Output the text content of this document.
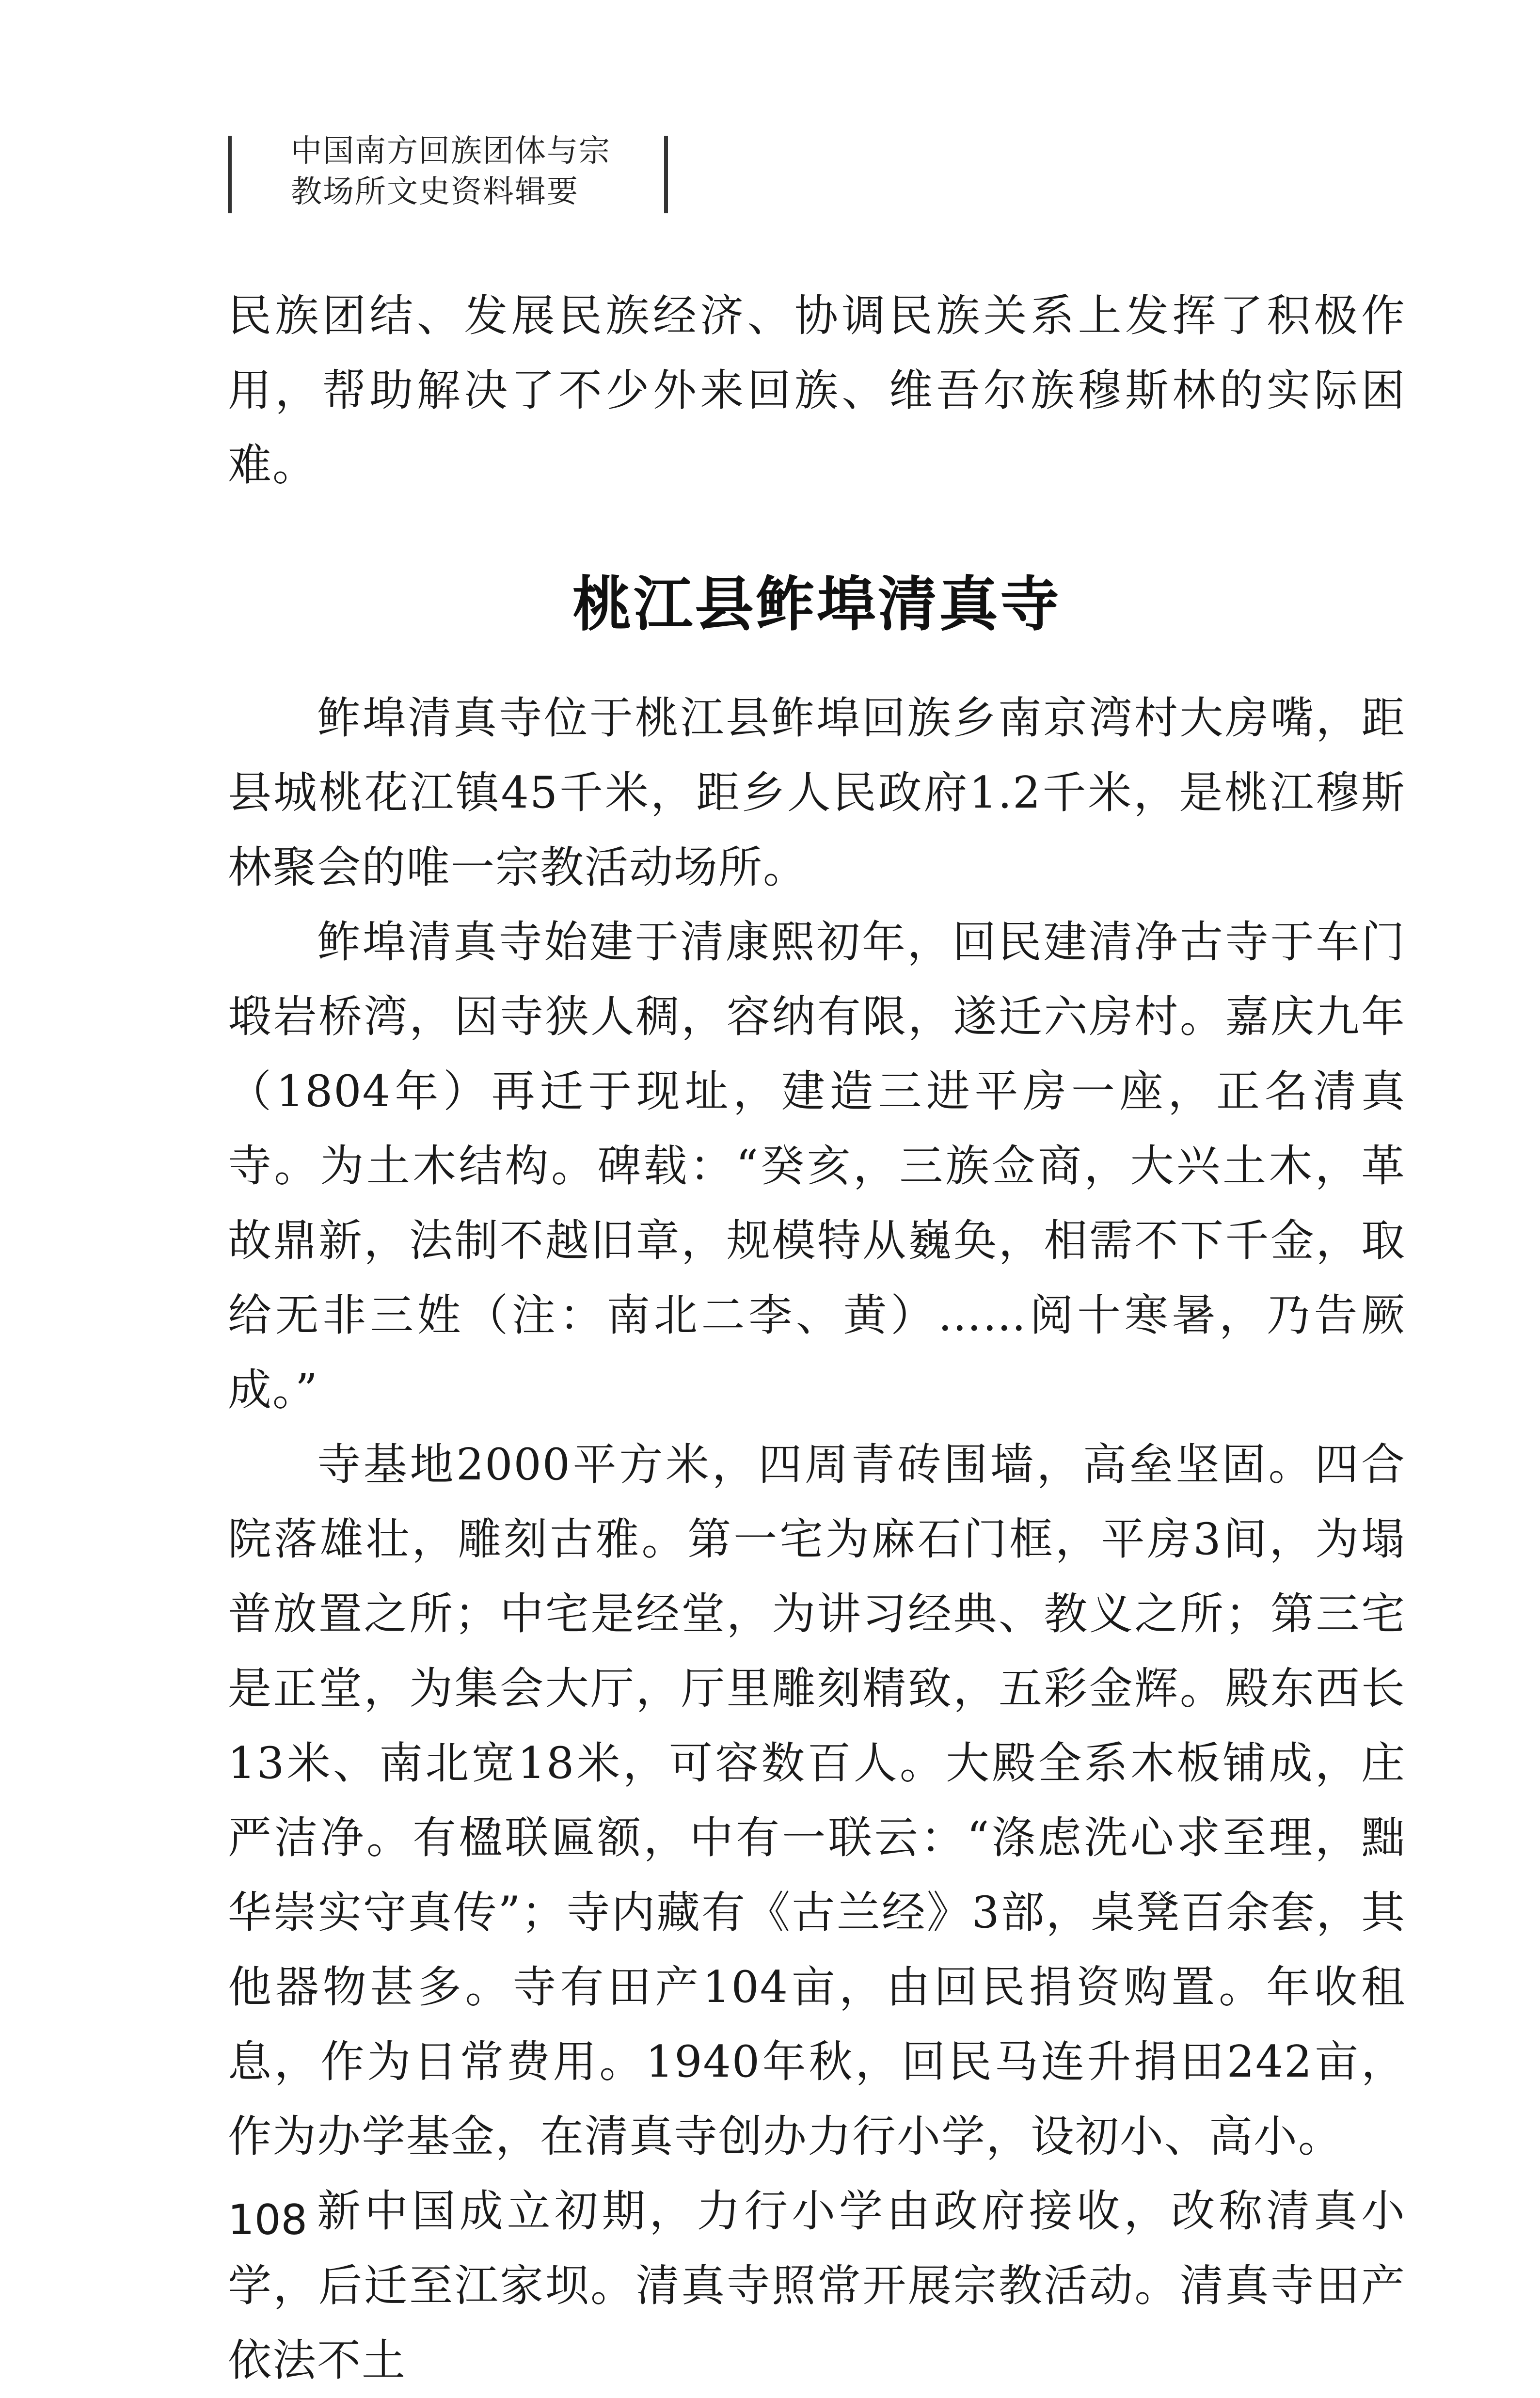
中国南方回族团体与宗
教场所文史资料辑要

民族团结、发展民族经济、协调民族关系上发挥了积极作用，帮助解决了不少外来回族、维吾尔族穆斯林的实际困难。

桃江县鲊埠清真寺

鲊埠清真寺位于桃江县鲊埠回族乡南京湾村大房嘴，距县城桃花江镇45千米，距乡人民政府1.2千米，是桃江穆斯林聚会的唯一宗教活动场所。

鲊埠清真寺始建于清康熙初年，回民建清净古寺于车门塅岩桥湾，因寺狭人稠，容纳有限，遂迁六房村。嘉庆九年（1804年）再迁于现址，建造三进平房一座，正名清真寺。为土木结构。碑载：“癸亥，三族佥商，大兴土木，革故鼎新，法制不越旧章，规模特从巍奂，相需不下千金，取给无非三姓（注：南北二李、黄）……阅十寒暑，乃告厥成。”

寺基地2000平方米，四周青砖围墙，高垒坚固。四合院落雄壮，雕刻古雅。第一宅为麻石门框，平房3间，为塌普放置之所；中宅是经堂，为讲习经典、教义之所；第三宅是正堂，为集会大厅，厅里雕刻精致，五彩金辉。殿东西长13米、南北宽18米，可容数百人。大殿全系木板铺成，庄严洁净。有楹联匾额，中有一联云：“涤虑洗心求至理，黜华崇实守真传”；寺内藏有《古兰经》3部，桌凳百余套，其他器物甚多。寺有田产104亩，由回民捐资购置。年收租息，作为日常费用。1940年秋，回民马连升捐田242亩，作为办学基金，在清真寺创办力行小学，设初小、高小。

新中国成立初期，力行小学由政府接收，改称清真小学，后迁至江家坝。清真寺照常开展宗教活动。清真寺田产依法不土

108
